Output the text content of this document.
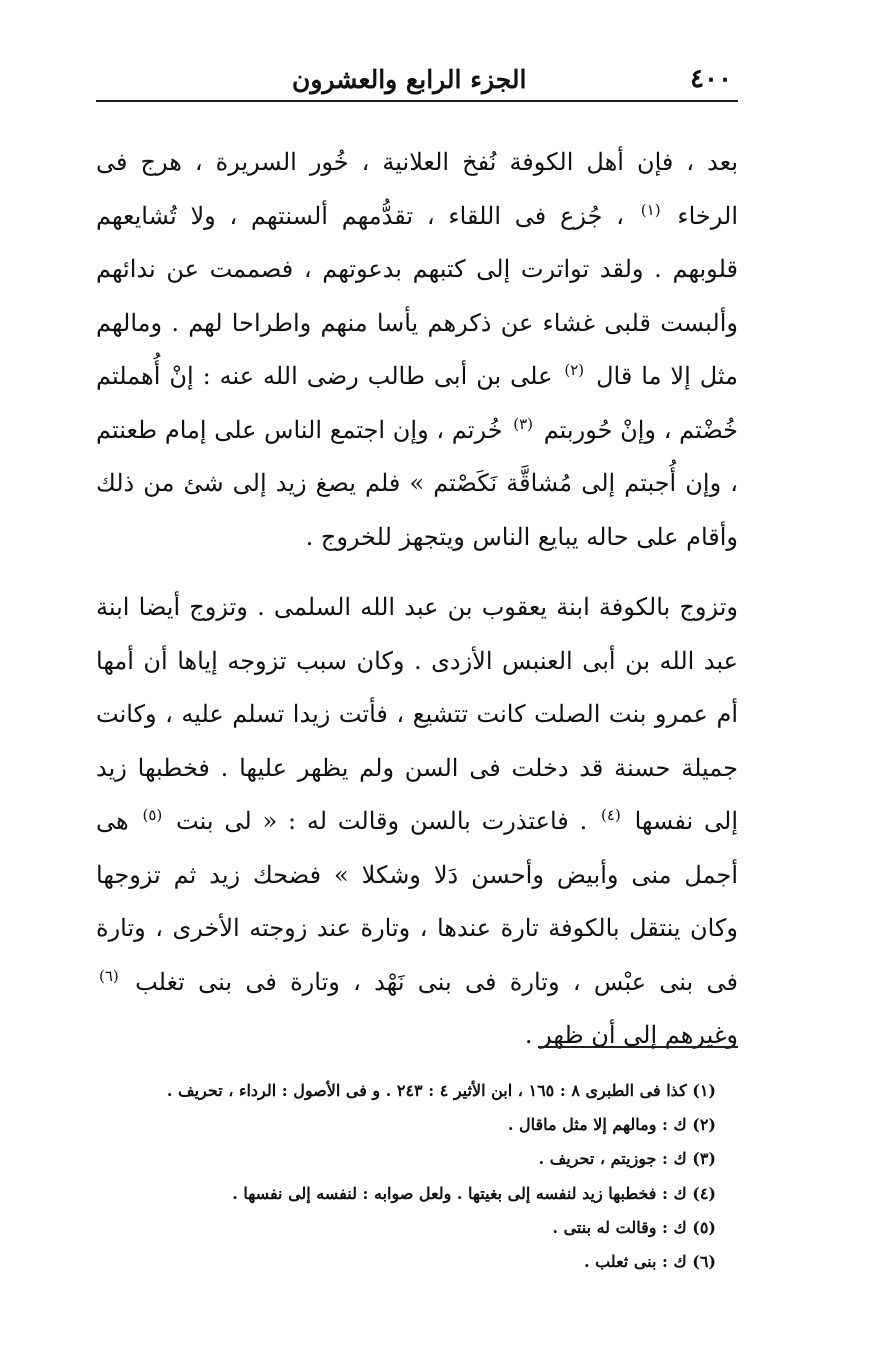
٤٠٠
الجزء الرابع والعشرون

بعد ، فإن أهل الكوفة نُفخ العلانية ، خُور السريرة ، هرج فى الرخاء $^{(١)}$ ، جُزع فى اللقاء ، تقدُّمهم ألسنتهم ، ولا تُشايعهم قلوبهم . ولقد تواترت إلى كتبهم بدعوتهم ، فصممت عن ندائهم وألبست قلبى غشاء عن ذكرهم يأسا منهم واطراحا لهم . ومالهم مثل إلا ما قال $^{(٢)}$ على بن أبى طالب رضى الله عنه : إنْ أُهملتم خُضْتم ، وإنْ حُوربتم $^{(٣)}$ خُرتم ، وإن اجتمع الناس على إمام طعنتم ، وإن أُجبتم إلى مُشاقَّة نَكَصْتم » فلم يصغ زيد إلى شئ من ذلك وأقام على حاله يبايع الناس ويتجهز للخروج .

وتزوج بالكوفة ابنة يعقوب بن عبد الله السلمى . وتزوج أيضا ابنة عبد الله بن أبى العنبس الأزدى . وكان سبب تزوجه إياها أن أمها أم عمرو بنت الصلت كانت تتشيع ، فأتت زيدا تسلم عليه ، وكانت جميلة حسنة قد دخلت فى السن ولم يظهر عليها . فخطبها زيد إلى نفسها $^{(٤)}$ . فاعتذرت بالسن وقالت له : « لى بنت $^{(٥)}$ هى أجمل منى وأبيض وأحسن دَلا وشكلا » فضحك زيد ثم تزوجها وكان ينتقل بالكوفة تارة عندها ، وتارة عند زوجته الأخرى ، وتارة فى بنى عبْس ، وتارة فى بنى نَهْد ، وتارة فى بنى تغلب $^{(٦)}$ وغيرهم إلى أن ظهر .

(١) كذا فى الطبرى ٨ : ١٦٥ ، ابن الأثير ٤ : ٢٤٣ . و فى الأصول : الرداء ، تحريف .
(٢) ك : ومالهم إلا مثل ماقال .
(٣) ك : جوزيتم ، تحريف .
(٤) ك : فخطبها زيد لنفسه إلى بغيتها . ولعل صوابه : لنفسه إلى نفسها .
(٥) ك : وقالت له بنتى .
(٦) ك : بنى ثعلب .
